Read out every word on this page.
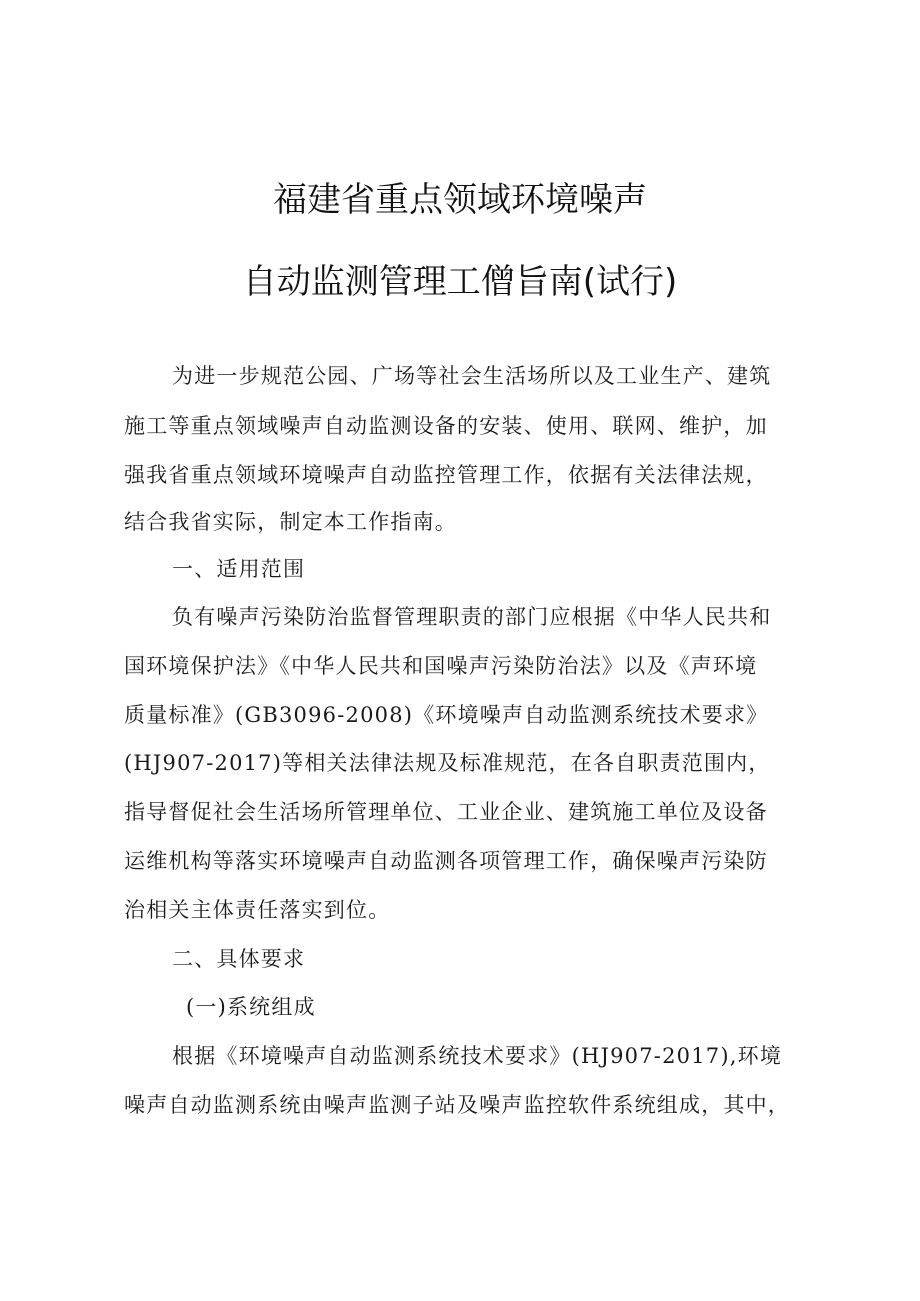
福建省重点领域环境噪声
自动监测管理工僧旨南(试行)
为进一步规范公园、广场等社会生活场所以及工业生产、建筑
施工等重点领域噪声自动监测设备的安装、使用、联网、维护，加
强我省重点领域环境噪声自动监控管理工作，依据有关法律法规，
结合我省实际，制定本工作指南。
一、适用范围
负有噪声污染防治监督管理职责的部门应根据《中华人民共和
国环境保护法》《中华人民共和国噪声污染防治法》以及《声环境
质量标准》(GB3096-2008)《环境噪声自动监测系统技术要求》
(HJ907-2017)等相关法律法规及标准规范，在各自职责范围内，
指导督促社会生活场所管理单位、工业企业、建筑施工单位及设备
运维机构等落实环境噪声自动监测各项管理工作，确保噪声污染防
治相关主体责任落实到位。
二、具体要求
(一)系统组成
根据《环境噪声自动监测系统技术要求》(HJ907-2017),环境
噪声自动监测系统由噪声监测子站及噪声监控软件系统组成，其中，
